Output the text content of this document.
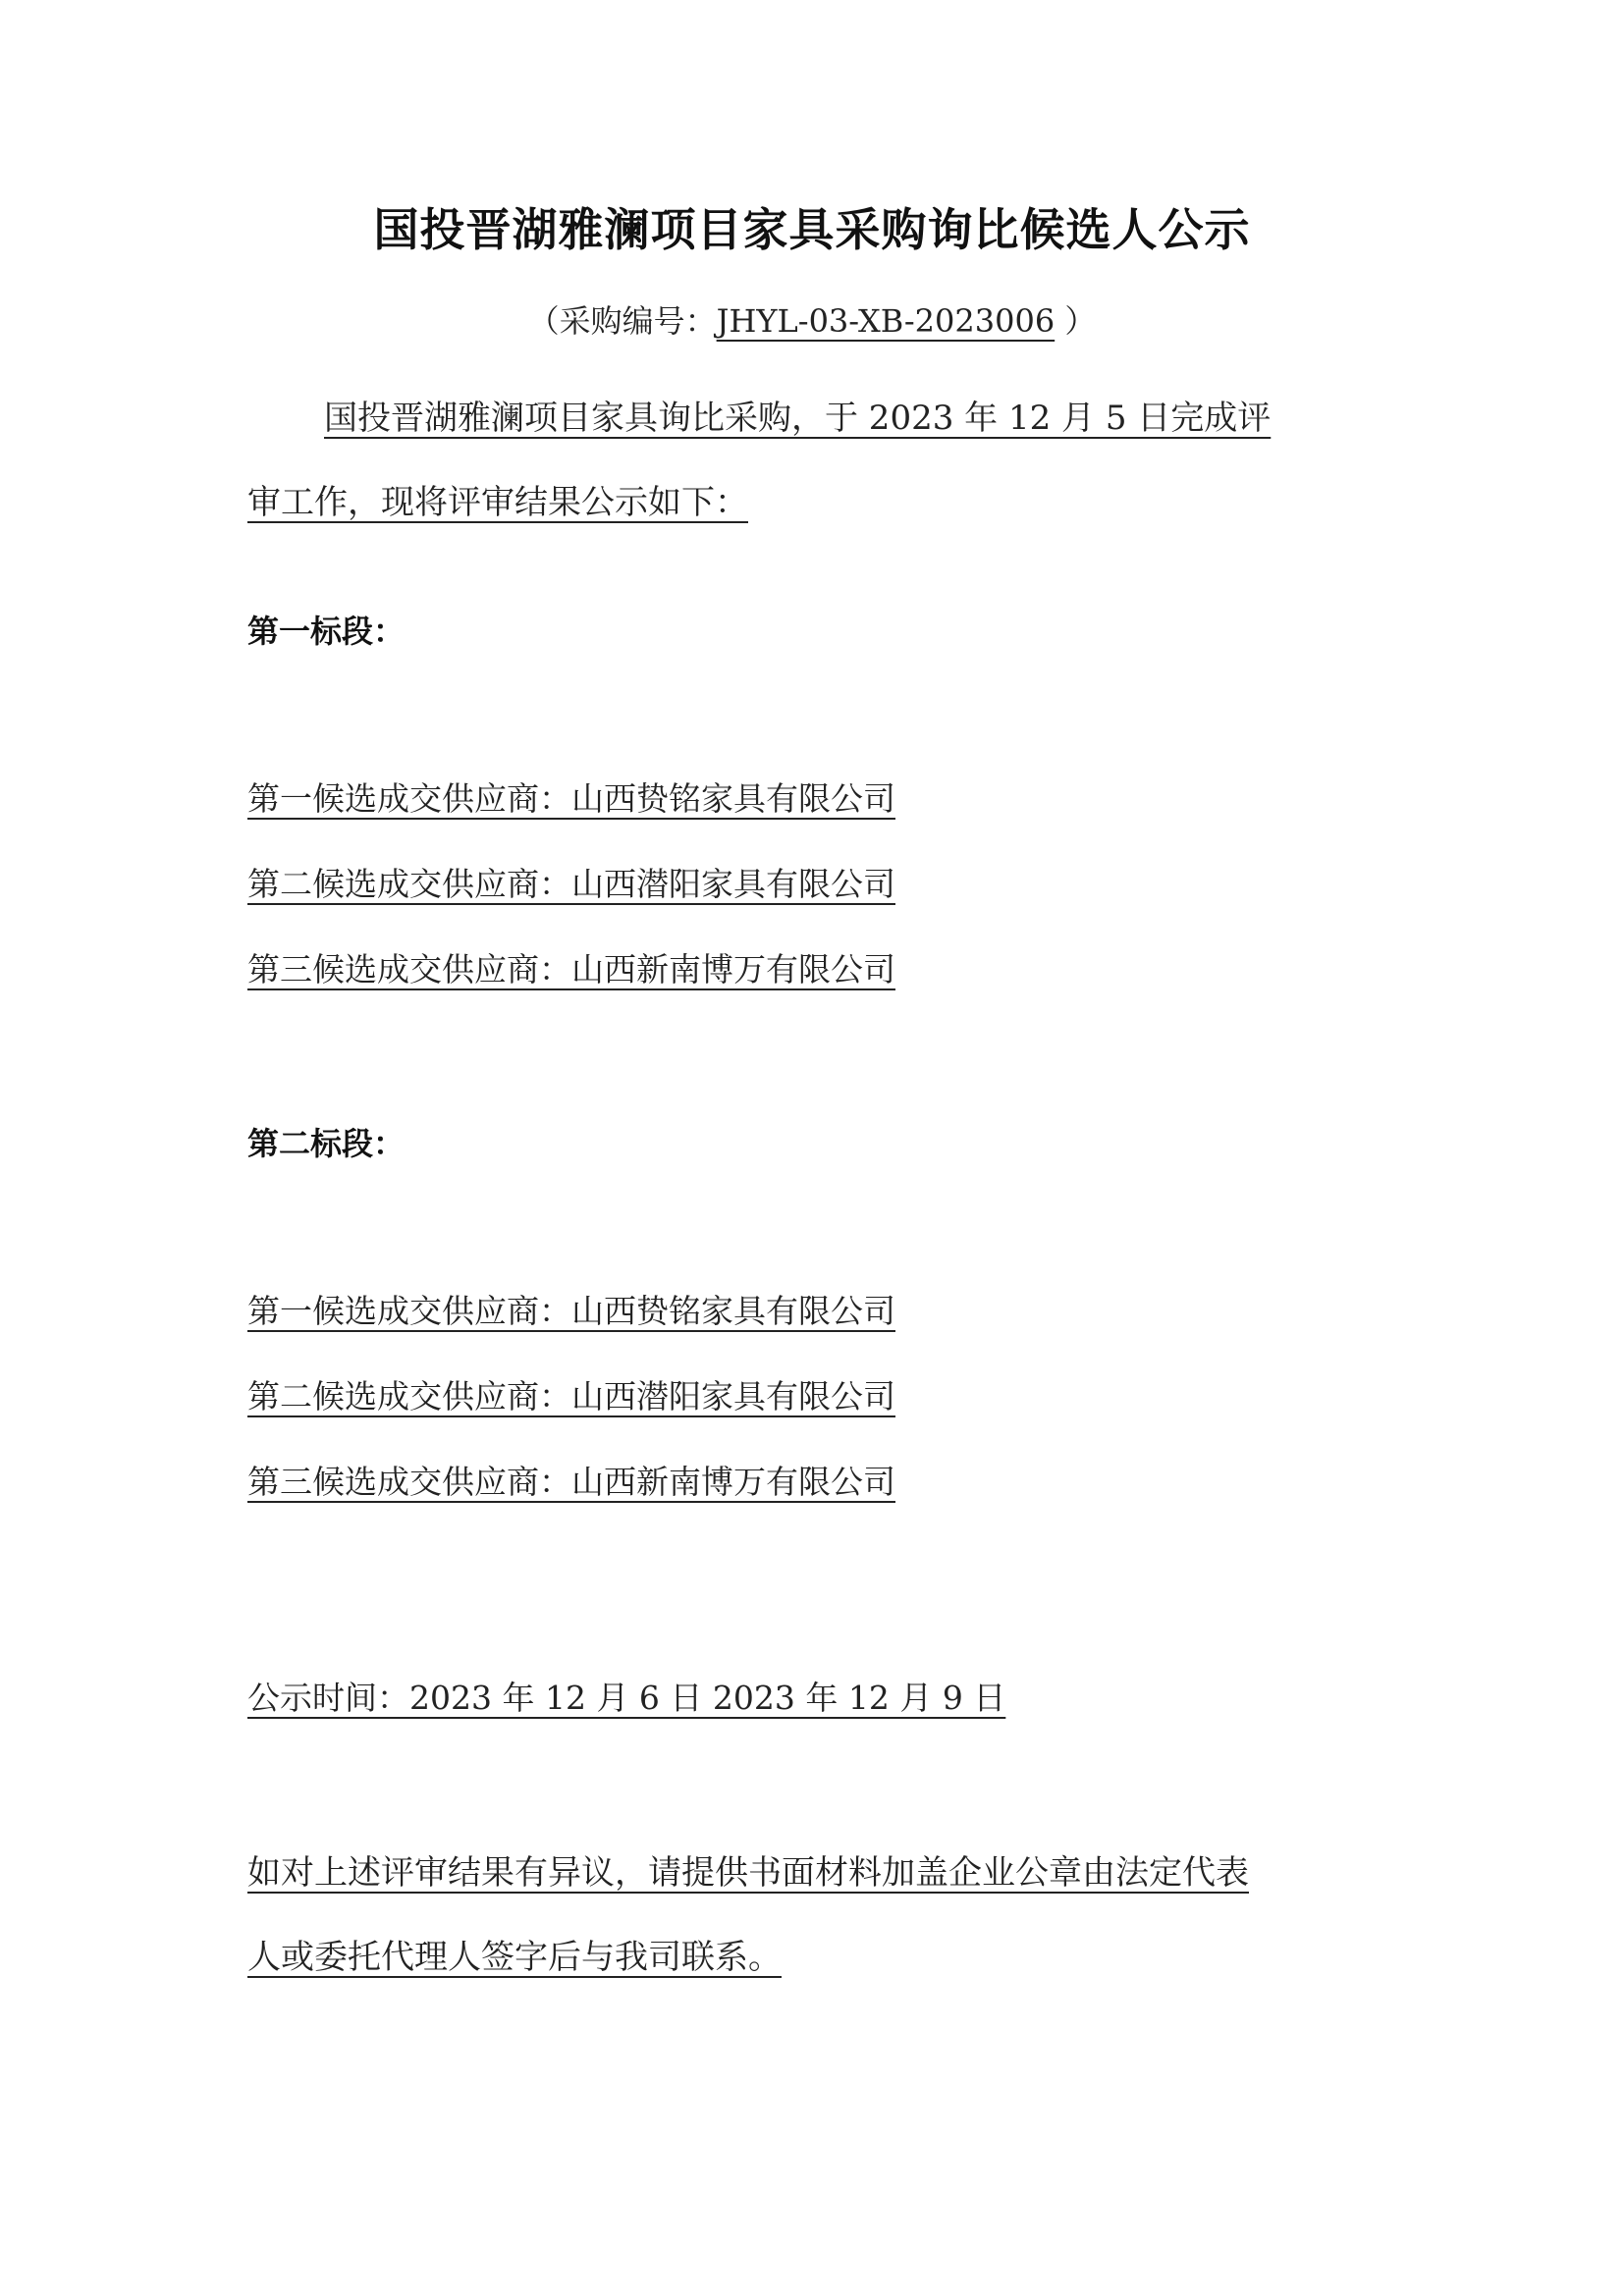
国投晋湖雅澜项目家具采购询比候选人公示
（采购编号：JHYL-03-XB-2023006 ）
国投晋湖雅澜项目家具询比采购，于 2023 年 12 月 5 日完成评
审工作，现将评审结果公示如下：
第一标段：
第一候选成交供应商：山西贽铭家具有限公司
第二候选成交供应商：山西潜阳家具有限公司
第三候选成交供应商：山西新南博万有限公司
第二标段：
第一候选成交供应商：山西贽铭家具有限公司
第二候选成交供应商：山西潜阳家具有限公司
第三候选成交供应商：山西新南博万有限公司
公示时间：2023 年 12 月 6 日 2023 年 12 月 9 日
如对上述评审结果有异议，请提供书面材料加盖企业公章由法定代表
人或委托代理人签字后与我司联系。
